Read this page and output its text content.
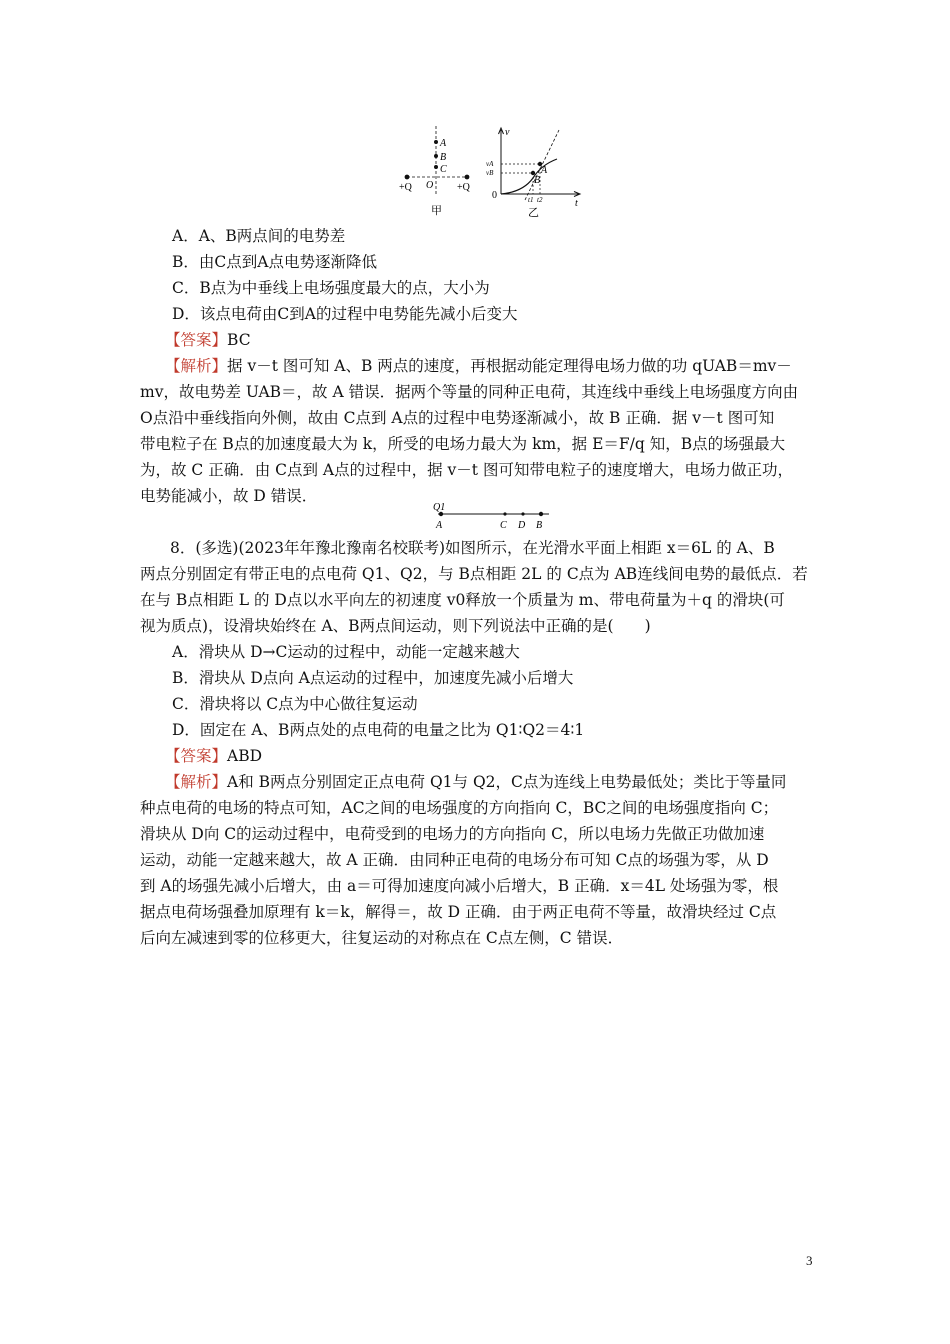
A
B
C
O
+Q	+Q
甲
v
t
0
vA
vB
t1 t2
A
B
乙
A．A、B两点间的电势差
B．由C点到A点电势逐渐降低
C．B点为中垂线上电场强度最大的点，大小为
D．该点电荷由C到A的过程中电势能先减小后变大
【答案】BC
【解析】据 v－t 图可知 A、B 两点的速度，再根据动能定理得电场力做的功 qUAB＝mv－
mv，故电势差 UAB＝，故 A 错误．据两个等量的同种正电荷，其连线中垂线上电场强度方向由
O点沿中垂线指向外侧，故由 C点到 A点的过程中电势逐渐减小，故 B 正确．据 v－t 图可知
带电粒子在 B点的加速度最大为 k，所受的电场力最大为 km，据 E＝F/q 知，B点的场强最大
为，故 C 正确．由 C点到 A点的过程中，据 v－t 图可知带电粒子的速度增大，电场力做正功，
电势能减小，故 D 错误．
Q1
A	C D B
8．(多选)(2023年年豫北豫南名校联考)如图所示，在光滑水平面上相距 x＝6L 的 A、B
两点分别固定有带正电的点电荷 Q1、Q2，与 B点相距 2L 的 C点为 AB连线间电势的最低点．若
在与 B点相距 L 的 D点以水平向左的初速度 v0释放一个质量为 m、带电荷量为＋q 的滑块(可
视为质点)，设滑块始终在 A、B两点间运动，则下列说法中正确的是(　　)
A．滑块从 D→C运动的过程中，动能一定越来越大
B．滑块从 D点向 A点运动的过程中，加速度先减小后增大
C．滑块将以 C点为中心做往复运动
D．固定在 A、B两点处的点电荷的电量之比为 Q1∶Q2＝4∶1
【答案】ABD
【解析】A和 B两点分别固定正点电荷 Q1与 Q2，C点为连线上电势最低处；类比于等量同
种点电荷的电场的特点可知，AC之间的电场强度的方向指向 C，BC之间的电场强度指向 C；
滑块从 D向 C的运动过程中，电荷受到的电场力的方向指向 C，所以电场力先做正功做加速
运动，动能一定越来越大，故 A 正确．由同种正电荷的电场分布可知 C点的场强为零，从 D
到 A的场强先减小后增大，由 a＝可得加速度向减小后增大，B 正确．x＝4L 处场强为零，根
据点电荷场强叠加原理有 k＝k，解得＝，故 D 正确．由于两正电荷不等量，故滑块经过 C点
后向左减速到零的位移更大，往复运动的对称点在 C点左侧，C 错误．
3
